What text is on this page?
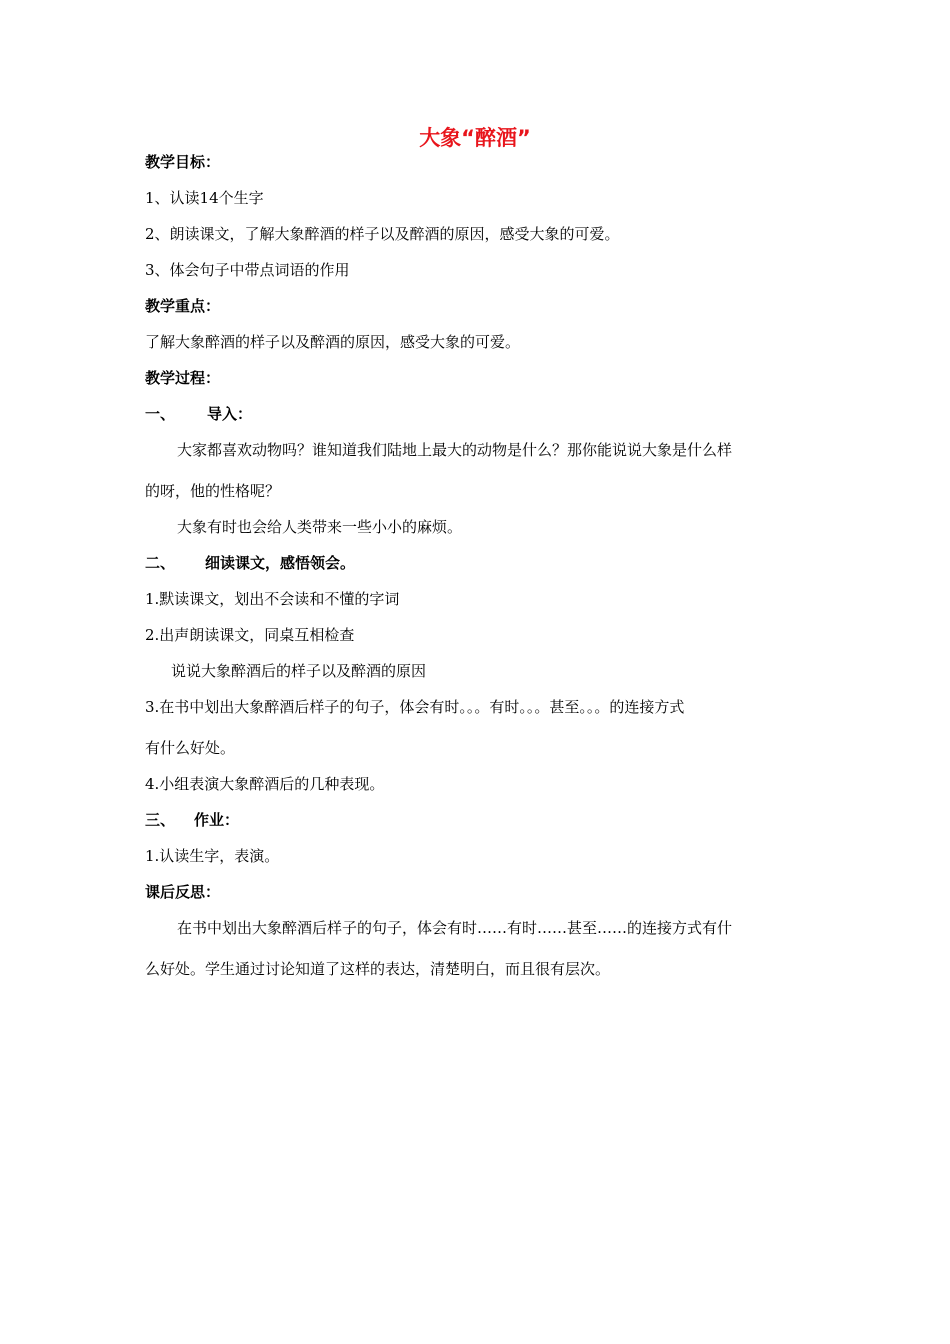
大象“醉酒”
教学目标：
1、认读14个生字
2、朗读课文，了解大象醉酒的样子以及醉酒的原因，感受大象的可爱。
3、体会句子中带点词语的作用
教学重点：
了解大象醉酒的样子以及醉酒的原因，感受大象的可爱。
教学过程：
一、 导入：
大家都喜欢动物吗？谁知道我们陆地上最大的动物是什么？那你能说说大象是什么样
的呀，他的性格呢？
大象有时也会给人类带来一些小小的麻烦。
二、 细读课文，感悟领会。
1.默读课文，划出不会读和不懂的字词
2.出声朗读课文，同桌互相检查
说说大象醉酒后的样子以及醉酒的原因
3.在书中划出大象醉酒后样子的句子，体会有时。。。有时。。。甚至。。。的连接方式
有什么好处。
4.小组表演大象醉酒后的几种表现。
三、 作业：
1.认读生字，表演。
课后反思：
在书中划出大象醉酒后样子的句子，体会有时……有时……甚至……的连接方式有什
么好处。学生通过讨论知道了这样的表达，清楚明白，而且很有层次。
